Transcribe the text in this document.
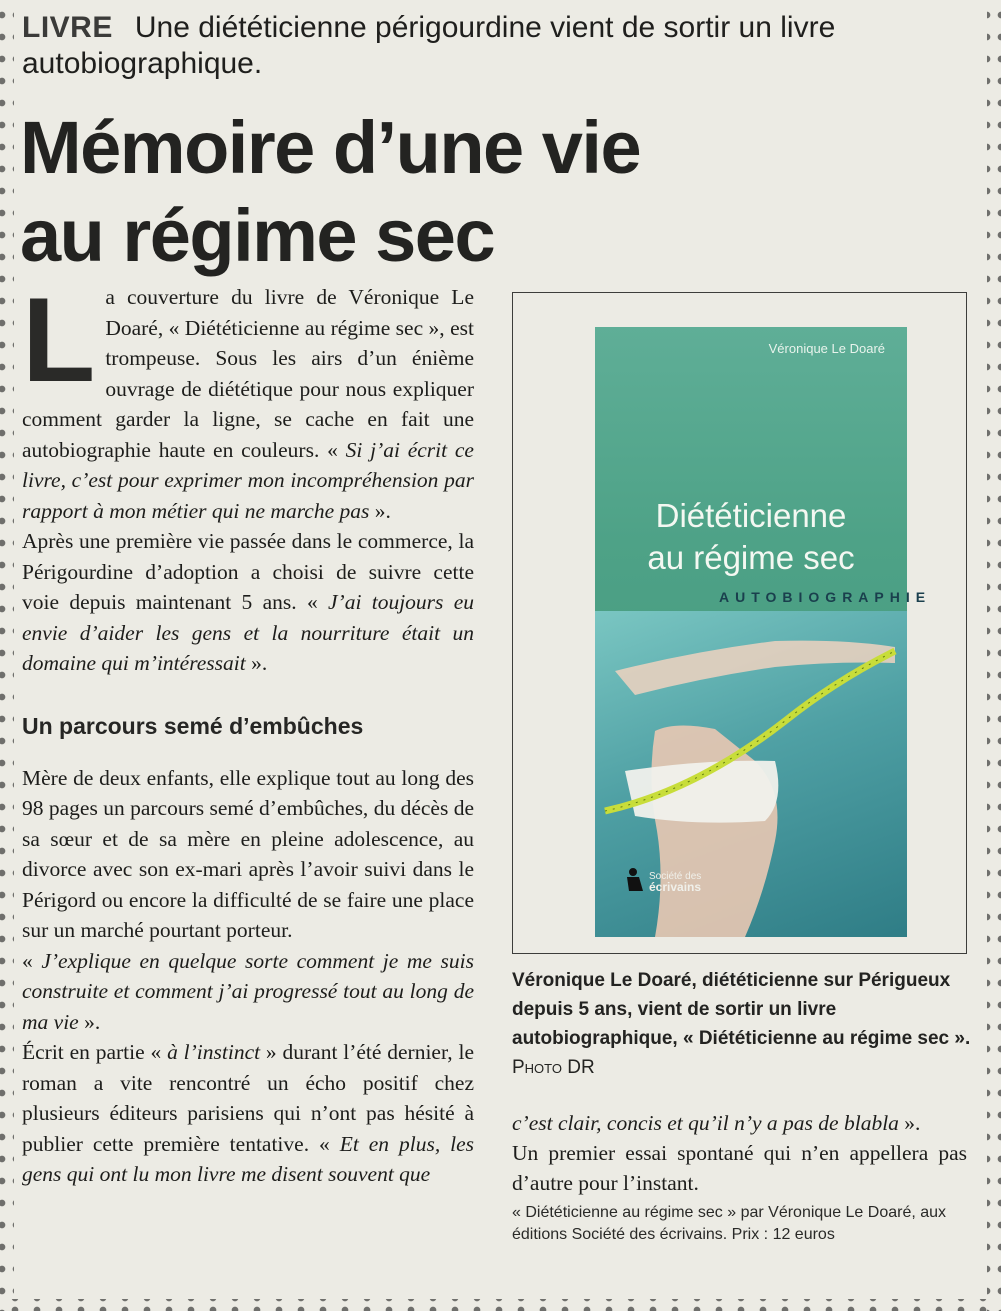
LIVRE Une diététicienne périgourdine vient de sortir un livre autobiographique.
Mémoire d’une vie
au régime sec

La couverture du livre de Véronique Le Doaré, « Diététicienne au régime sec », est trompeuse. Sous les airs d’un énième ouvrage de diététique pour nous expliquer comment garder la ligne, se cache en fait une autobiographie haute en couleurs. « Si j’ai écrit ce livre, c’est pour exprimer mon incompréhension par rapport à mon métier qui ne marche pas ».

Après une première vie passée dans le commerce, la Périgourdine d’adoption a choisi de suivre cette voie depuis maintenant 5 ans. « J’ai toujours eu envie d’aider les gens et la nourriture était un domaine qui m’intéressait ».

Un parcours semé d’embûches

Mère de deux enfants, elle explique tout au long des 98 pages un parcours semé d’embûches, du décès de sa sœur et de sa mère en pleine adolescence, au divorce avec son ex-mari après l’avoir suivi dans le Périgord ou encore la difficulté de se faire une place sur un marché pourtant porteur.

« J’explique en quelque sorte comment je me suis construite et comment j’ai progressé tout au long de ma vie ».

Écrit en partie « à l’instinct » durant l’été dernier, le roman a vite rencontré un écho positif chez plusieurs éditeurs parisiens qui n’ont pas hésité à publier cette première tentative. « Et en plus, les gens qui ont lu mon livre me disent souvent que

Véronique Le Doaré
Diététicienne
au régime sec
AUTOBIOGRAPHIE
Société des
écrivains
Véronique Le Doaré, diététicienne sur Périgueux depuis 5 ans, vient de sortir un livre autobiographique, « Diététicienne au régime sec ». Photo DR

c’est clair, concis et qu’il n’y a pas de blabla ».

Un premier essai spontané qui n’en appellera pas d’autre pour l’instant.

« Diététicienne au régime sec » par Véronique Le Doaré, aux éditions Société des écrivains. Prix : 12 euros
